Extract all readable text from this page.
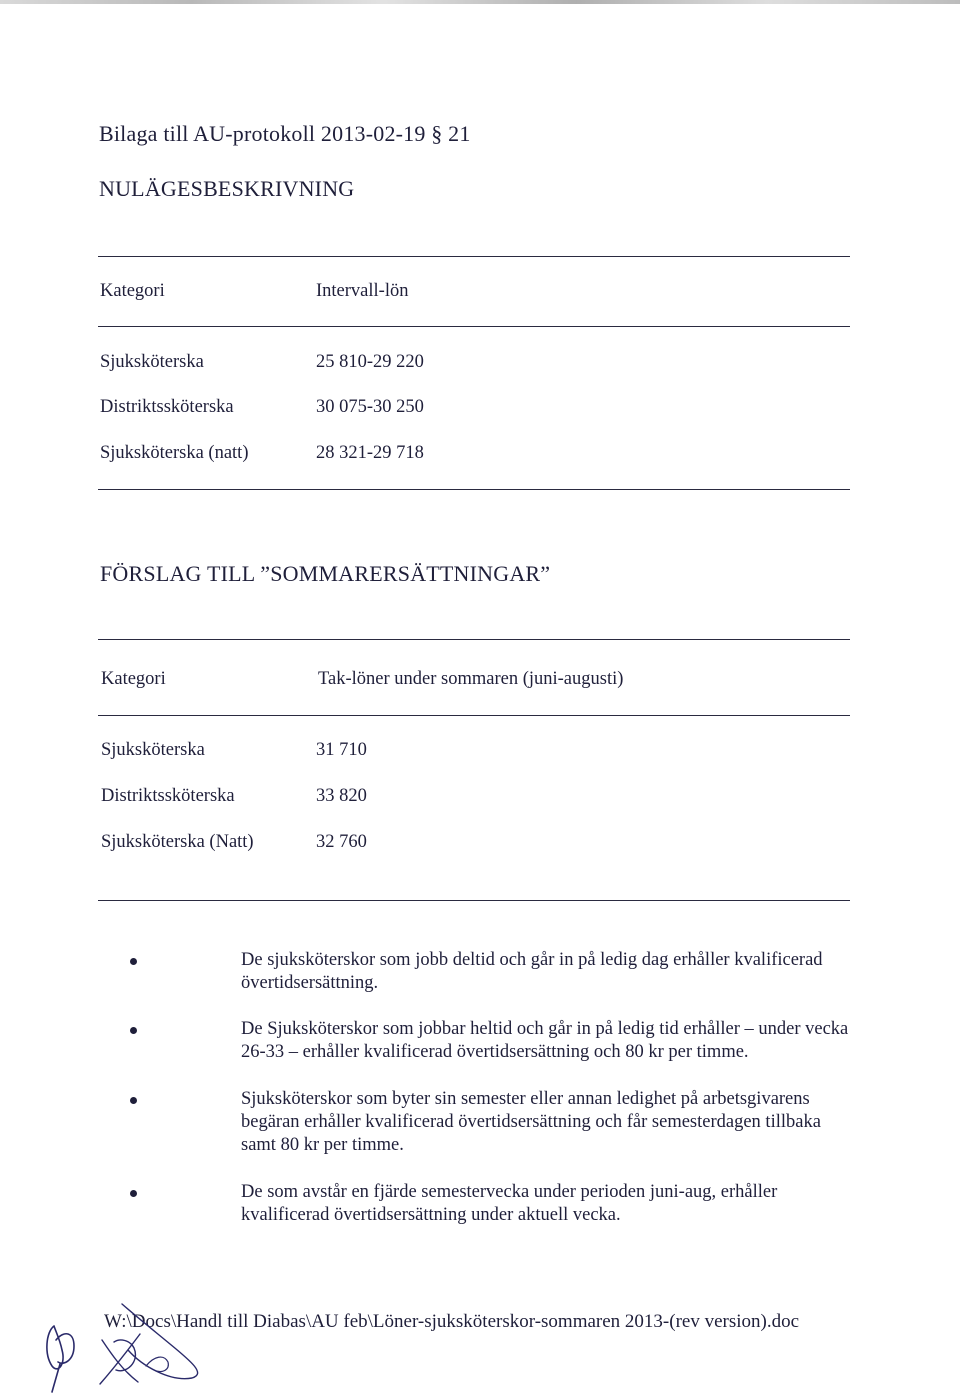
Bilaga till AU-protokoll 2013-02-19 § 21
NULÄGESBESKRIVNING
Kategori	Intervall-lön
Sjuksköterska	25 810-29 220
Distriktssköterska	30 075-30 250
Sjuksköterska (natt)	28 321-29 718
FÖRSLAG TILL ”SOMMARERSÄTTNINGAR”
Kategori	Tak-löner under sommaren (juni-augusti)
Sjuksköterska	31 710
Distriktssköterska	33 820
Sjuksköterska (Natt)	32 760
De sjuksköterskor som jobb deltid och går in på ledig dag erhåller kvalificerad övertidsersättning.
De Sjuksköterskor som jobbar heltid och går in på ledig tid erhåller – under vecka 26-33 – erhåller kvalificerad övertidsersättning och 80 kr per timme.
Sjuksköterskor som byter sin semester eller annan ledighet på arbetsgivarens begäran erhåller kvalificerad övertidsersättning och får semesterdagen tillbaka samt 80 kr per timme.
De som avstår en fjärde semestervecka under perioden juni-aug, erhåller kvalificerad övertidsersättning under aktuell vecka.
W:\Docs\Handl till Diabas\AU feb\Löner-sjuksköterskor-sommaren 2013-(rev version).doc
